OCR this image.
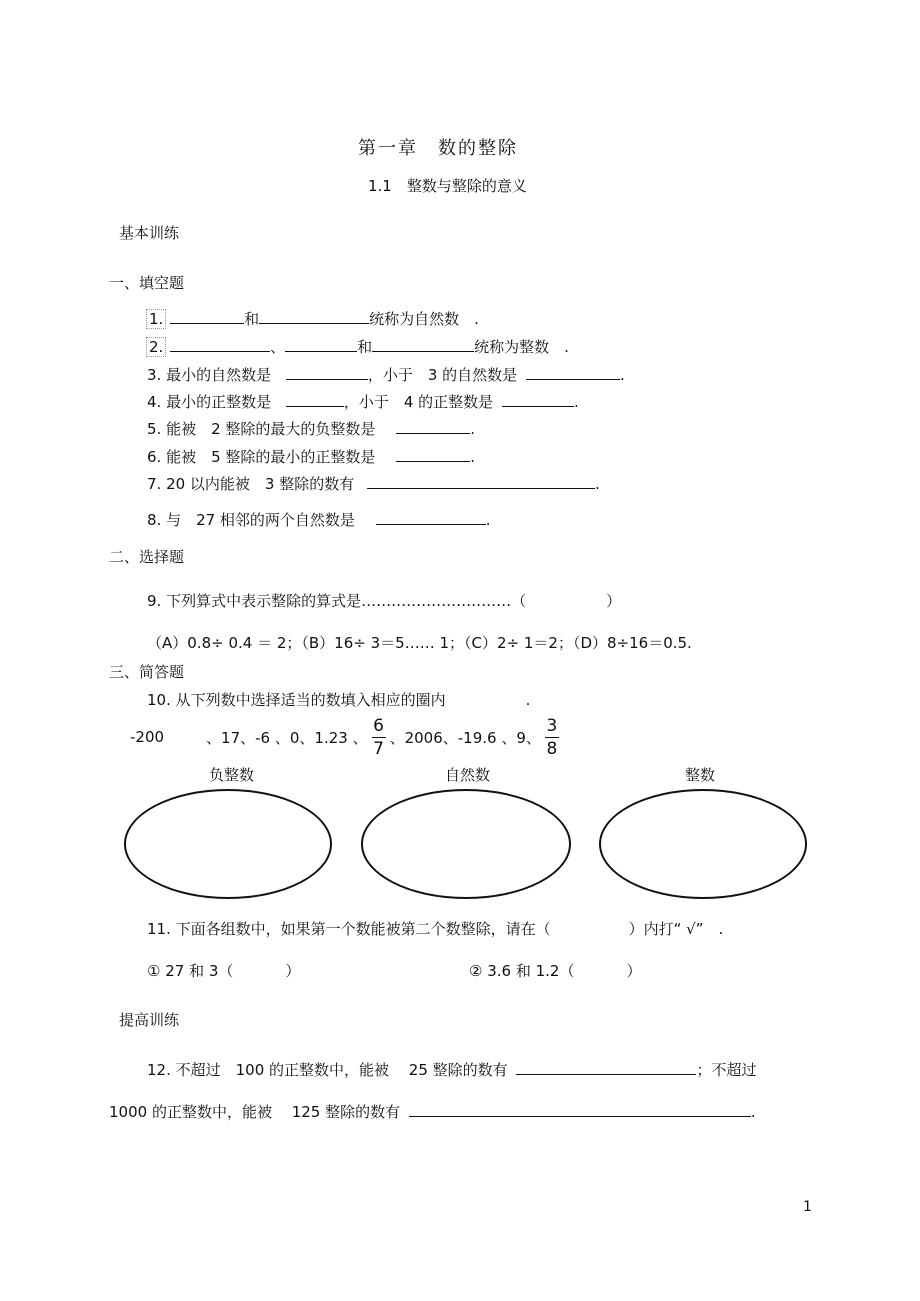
第一章　数的整除
1.1　整数与整除的意义
基本训练
一、填空题
1.	和	统称为自然数　.
2.	、	和	统称为整数　.
3. 最小的自然数是	，小于　3 的自然数是	.
4. 最小的正整数是	，小于　4 的正整数是	.
5. 能被　2 整除的最大的负整数是	.
6. 能被　5 整除的最小的正整数是	.
7. 20 以内能被　3 整除的数有	.
8. 与　27 相邻的两个自然数是	.
二、选择题
9. 下列算式中表示整除的算式是…………………………（	）
（A）0.8÷ 0.4 ＝ 2；（B）16÷ 3＝5…… 1；（C）2÷ 1＝2；（D）8÷16＝0.5.
三、简答题
10. 从下列数中选择适当的数填入相应的圈内	.
-200	、17、-6 、0、1.23 、 $\frac{6}{7}$ 、2006、-19.6 、9、 $\frac{3}{8}$
负整数	自然数	整数
11. 下面各组数中，如果第一个数能被第二个数整除，请在（	）内打“ √”　.
① 27 和 3（	）	② 3.6 和 1.2（	）
提高训练
12. 不超过　100 的正整数中，能被　 25 整除的数有	；不超过
1000 的正整数中，能被　 125 整除的数有	.
1
